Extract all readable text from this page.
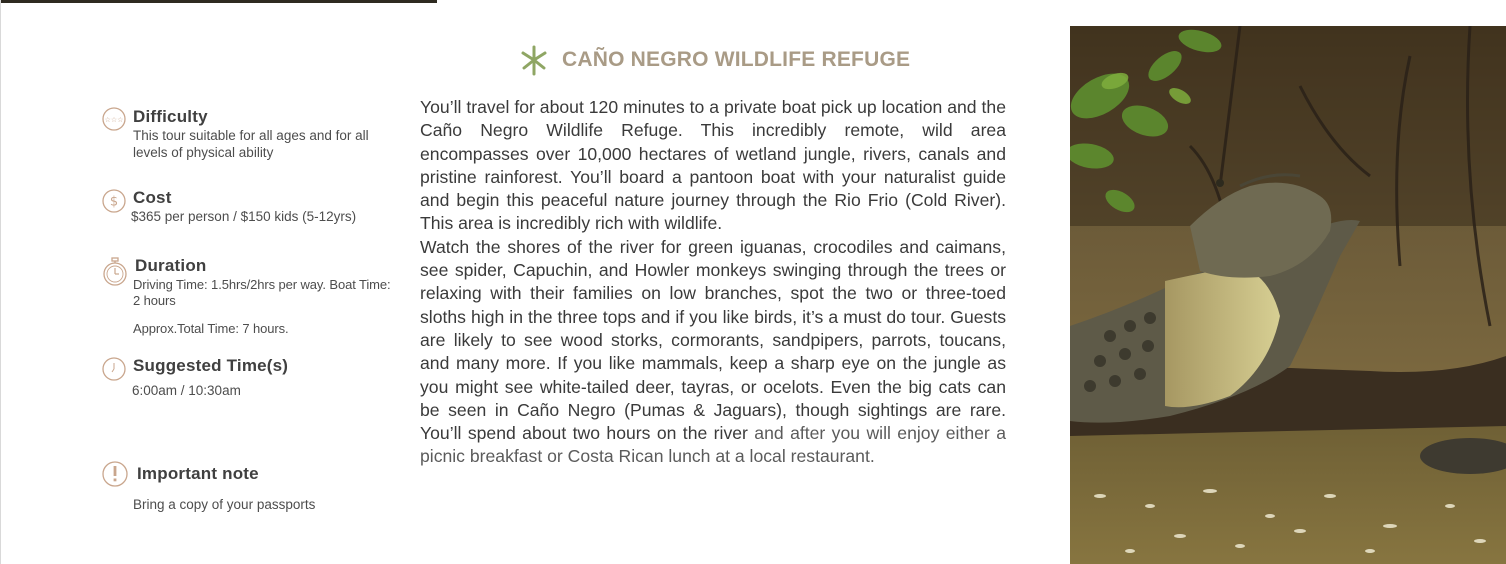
☆☆☆ Difficulty
This tour suitable for all ages and for all levels of physical ability
$ Cost
$365 per person / $150 kids (5-12yrs)
Duration
Driving Time: 1.5hrs/2hrs per way. Boat Time: 2 hours
Approx.Total Time: 7 hours.
Suggested Time(s)
6:00am / 10:30am
Important note
Bring a copy of your passports
CAÑO NEGRO WILDLIFE REFUGE

You’ll travel for about 120 minutes to a private boat pick up location and the Caño Negro Wildlife Refuge. This incredibly remote, wild area encompasses over 10,000 hectares of wetland jungle, rivers, canals and pristine rainforest. You’ll board a pantoon boat with your naturalist guide and begin this peaceful nature journey through the Rio Frio (Cold River). This area is incredibly rich with wildlife.

Watch the shores of the river for green iguanas, crocodiles and caimans, see spider, Capuchin, and Howler monkeys swinging through the trees or relaxing with their families on low branches, spot the two or three-toed sloths high in the three tops and if you like birds, it’s a must do tour. Guests are likely to see wood storks, cormorants, sandpipers, parrots, toucans, and many more. If you like mammals, keep a sharp eye on the jungle as you might see white-tailed deer, tayras, or ocelots. Even the big cats can be seen in Caño Negro (Pumas & Jaguars), though sightings are rare. You’ll spend about two hours on the river and after you will enjoy either a picnic breakfast or Costa Rican lunch at a local restaurant.
